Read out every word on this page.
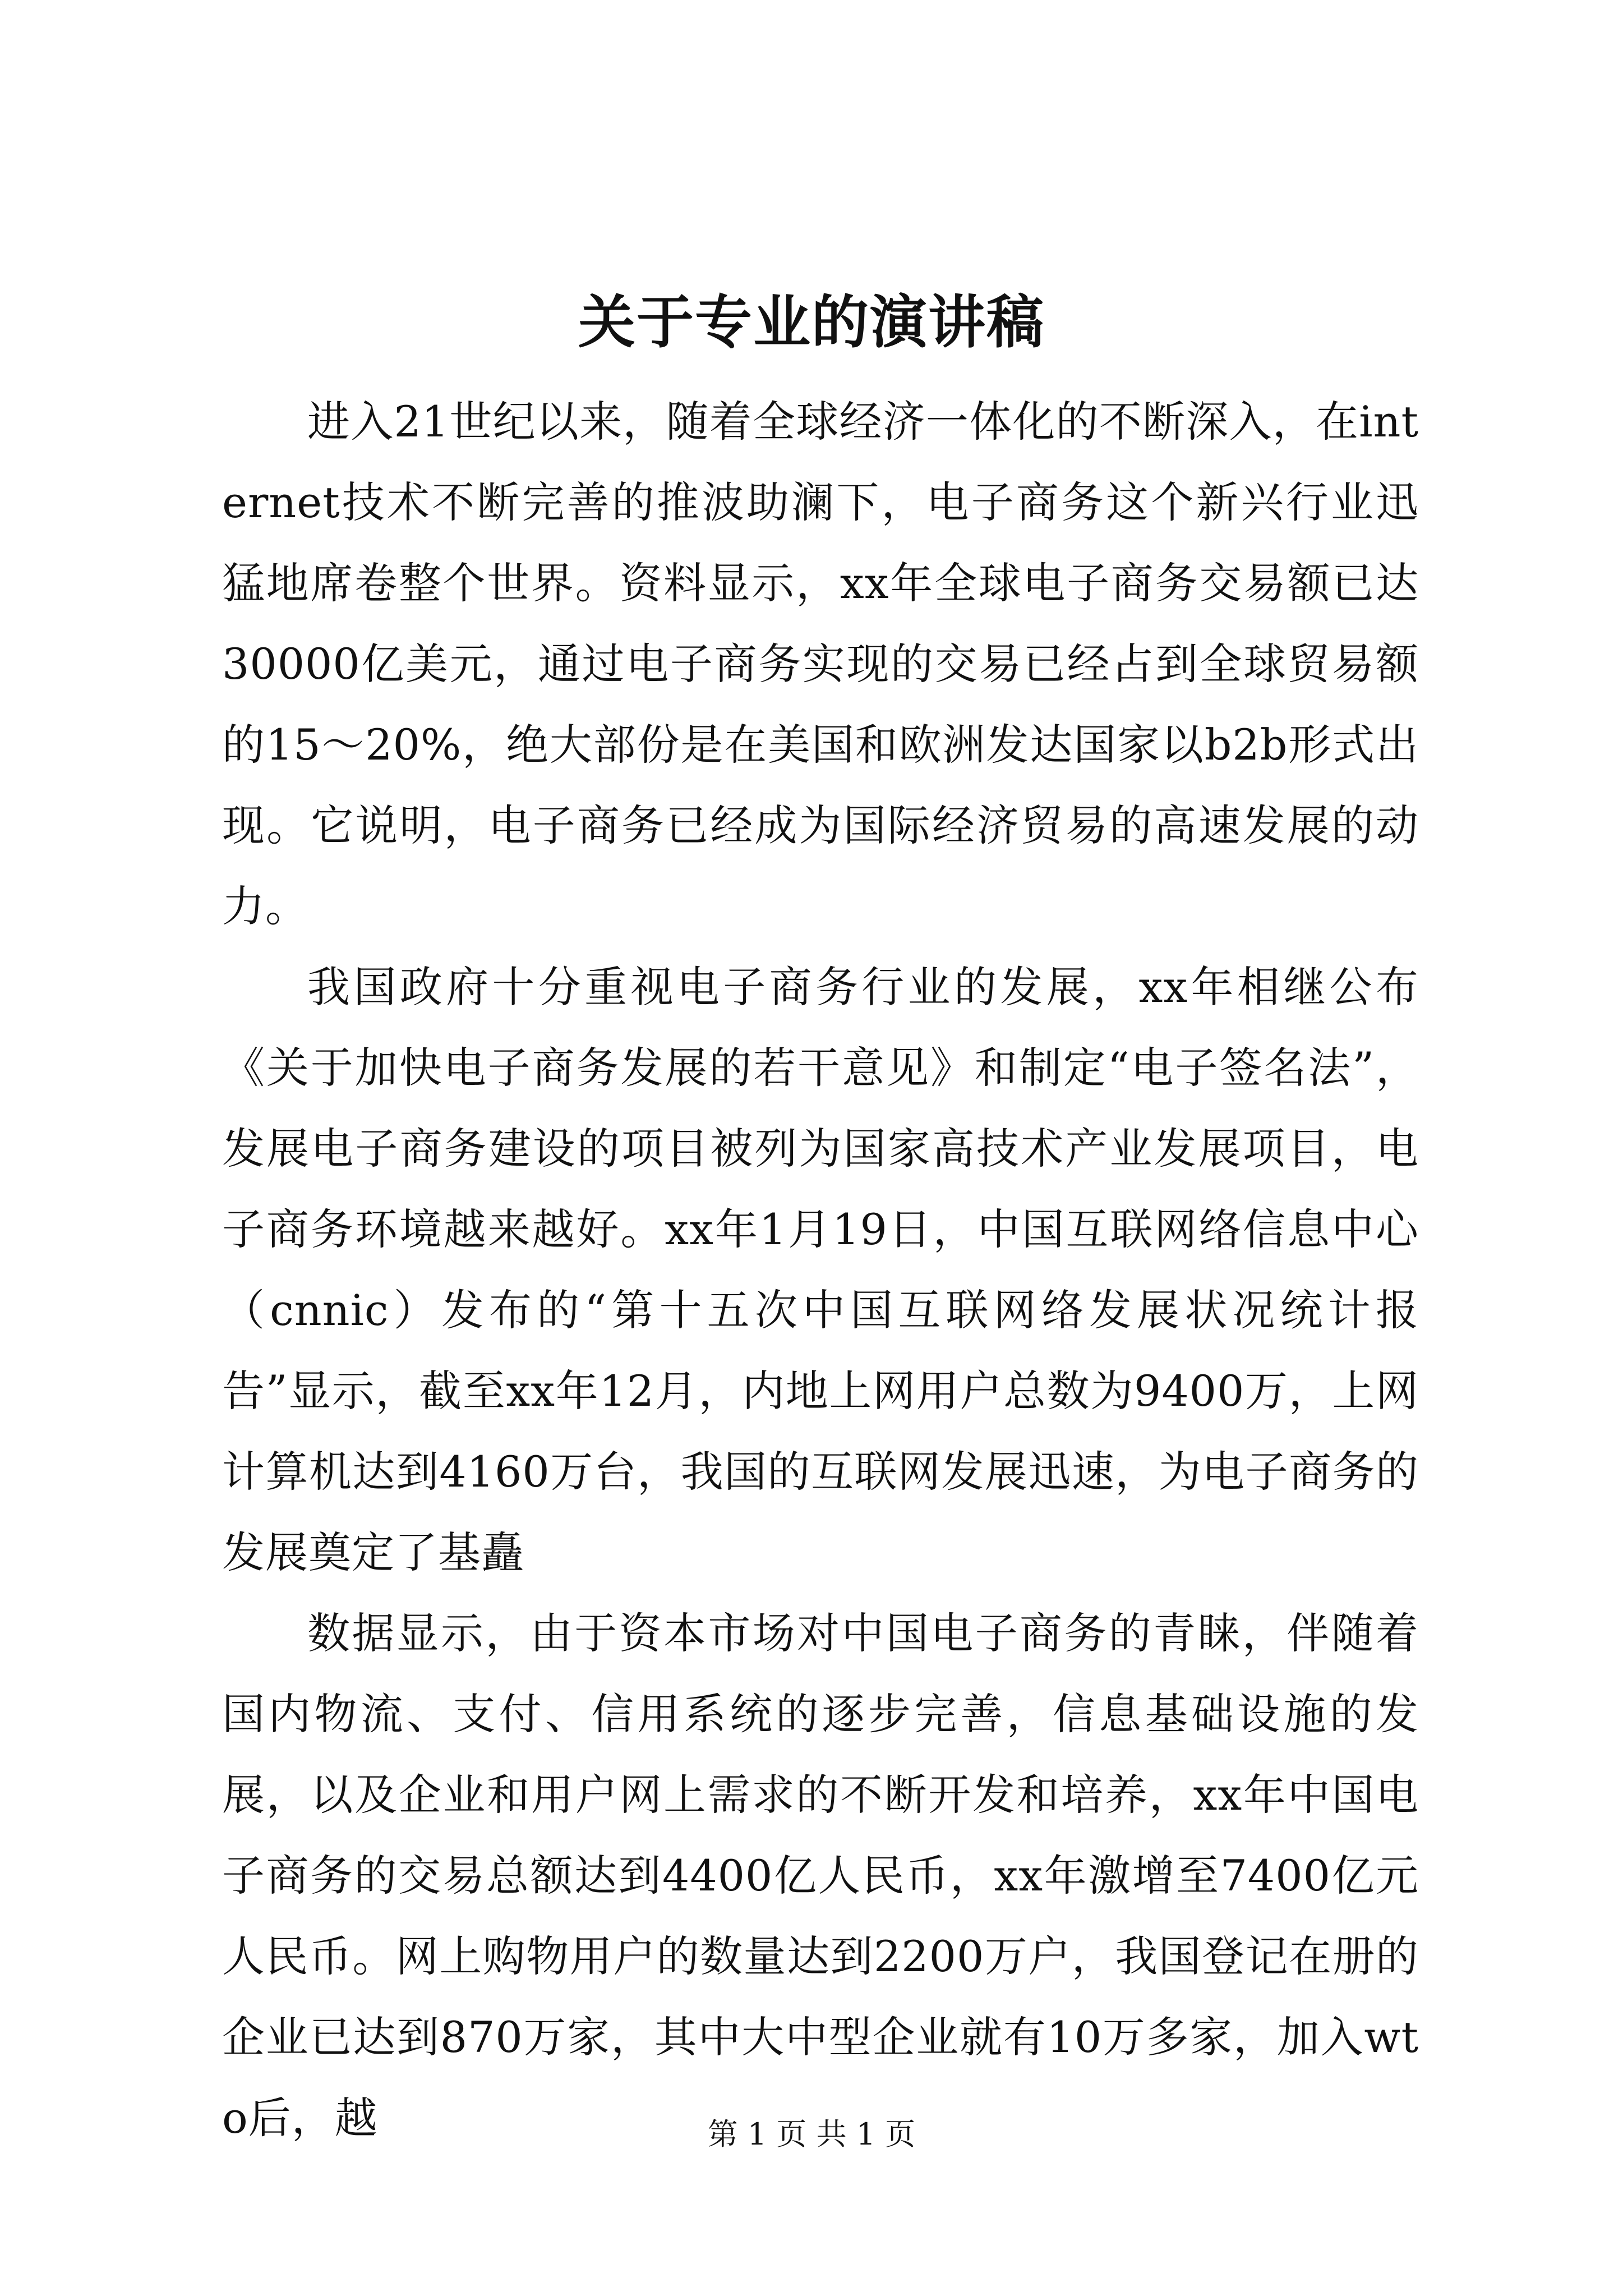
关于专业的演讲稿

进入21世纪以来，随着全球经济一体化的不断深入，在internet技术不断完善的推波助澜下，电子商务这个新兴行业迅猛地席卷整个世界。资料显示，xx年全球电子商务交易额已达30000亿美元，通过电子商务实现的交易已经占到全球贸易额的15～20%，绝大部份是在美国和欧洲发达国家以b2b形式出现。它说明，电子商务已经成为国际经济贸易的高速发展的动力。

我国政府十分重视电子商务行业的发展，xx年相继公布《关于加快电子商务发展的若干意见》和制定“电子签名法”，发展电子商务建设的项目被列为国家高技术产业发展项目，电子商务环境越来越好。xx年1月19日，中国互联网络信息中心（cnnic）发布的“第十五次中国互联网络发展状况统计报告”显示，截至xx年12月，内地上网用户总数为9400万，上网计算机达到4160万台，我国的互联网发展迅速，为电子商务的发展奠定了基矗

数据显示，由于资本市场对中国电子商务的青睐，伴随着国内物流、支付、信用系统的逐步完善，信息基础设施的发展，以及企业和用户网上需求的不断开发和培养，xx年中国电子商务的交易总额达到4400亿人民币，xx年激增至7400亿元人民币。网上购物用户的数量达到2200万户，我国登记在册的企业已达到870万家，其中大中型企业就有10万多家，加入wto后，越	第 1 页 共 1 页
